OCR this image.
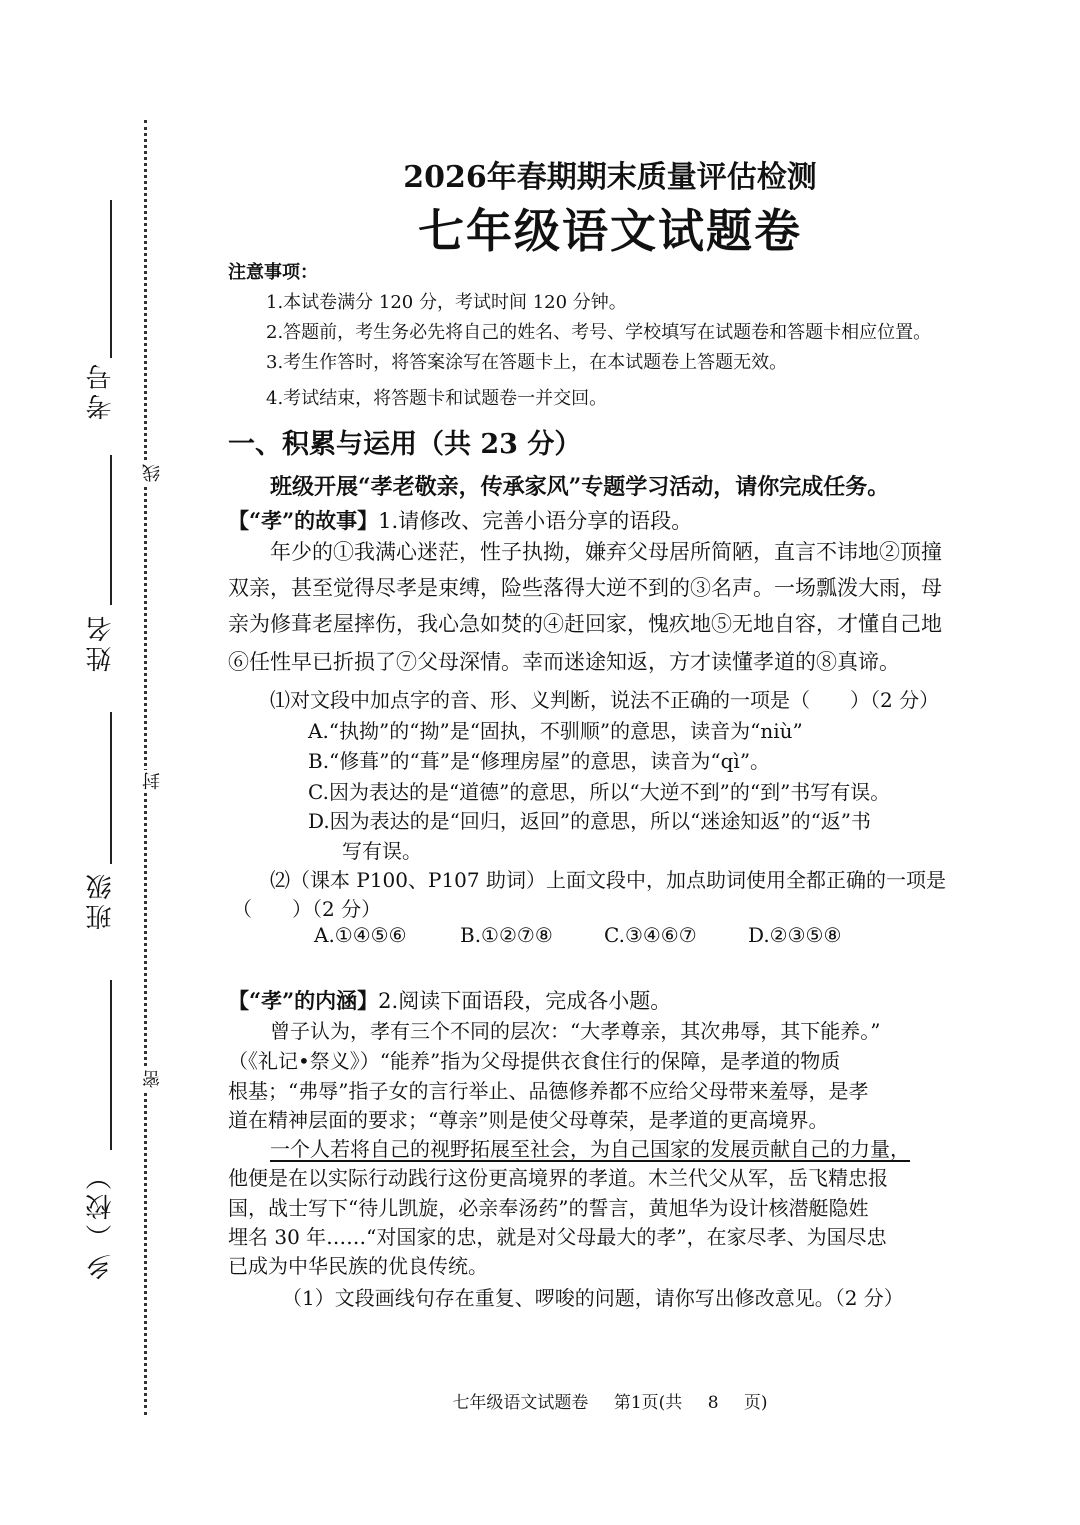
考号
姓名
班级
乡（校）
线
封
密
2026年春期期末质量评估检测
七年级语文试题卷
注意事项：
1.本试卷满分 120 分，考试时间 120 分钟。
2.答题前，考生务必先将自己的姓名、考号、学校填写在试题卷和答题卡相应位置。
3.考生作答时，将答案涂写在答题卡上，在本试题卷上答题无效。
4.考试结束，将答题卡和试题卷一并交回。
一、积累与运用（共 23 分）
班级开展“孝老敬亲，传承家风”专题学习活动，请你完成任务。
【“孝”的故事】1.请修改、完善小语分享的语段。
年少的①我满心迷茫，性子执拗，嫌弃父母居所简陋，直言不讳地②顶撞
双亲，甚至觉得尽孝是束缚，险些落得大逆不到的③名声。一场瓢泼大雨，母
亲为修葺老屋摔伤，我心急如焚的④赶回家，愧疚地⑤无地自容，才懂自己地
⑥任性早已折损了⑦父母深情。幸而迷途知返，方才读懂孝道的⑧真谛。
⑴对文段中加点字的音、形、义判断，说法不正确的一项是（　　）（2 分）
A.“执拗”的“拗”是“固执，不驯顺”的意思，读音为“niù”
B.“修葺”的“葺”是“修理房屋”的意思，读音为“qì”。
C.因为表达的是“道德”的意思，所以“大逆不到”的“到”书写有误。
D.因为表达的是“回归，返回”的意思，所以“迷途知返”的“返”书
写有误。
⑵（课本 P100、P107 助词）上面文段中，加点助词使用全都正确的一项是
（　　）（2 分）
A.①④⑤⑥	B.①②⑦⑧	C.③④⑥⑦	D.②③⑤⑧
【“孝”的内涵】2.阅读下面语段，完成各小题。
曾子认为，孝有三个不同的层次：“大孝尊亲，其次弗辱，其下能养。”
（《礼记•祭义》）“能养”指为父母提供衣食住行的保障，是孝道的物质
根基；“弗辱”指子女的言行举止、品德修养都不应给父母带来羞辱，是孝
道在精神层面的要求；“尊亲”则是使父母尊荣，是孝道的更高境界。
一个人若将自己的视野拓展至社会，为自己国家的发展贡献自己的力量，
他便是在以实际行动践行这份更高境界的孝道。木兰代父从军，岳飞精忠报
国，战士写下“待儿凯旋，必亲奉汤药”的誓言，黄旭华为设计核潜艇隐姓
埋名 30 年……“对国家的忠，就是对父母最大的孝”，在家尽孝、为国尽忠
已成为中华民族的优良传统。
（1）文段画线句存在重复、啰唆的问题，请你写出修改意见。（2 分）
七年级语文试题卷 第1页(共 8 页)
